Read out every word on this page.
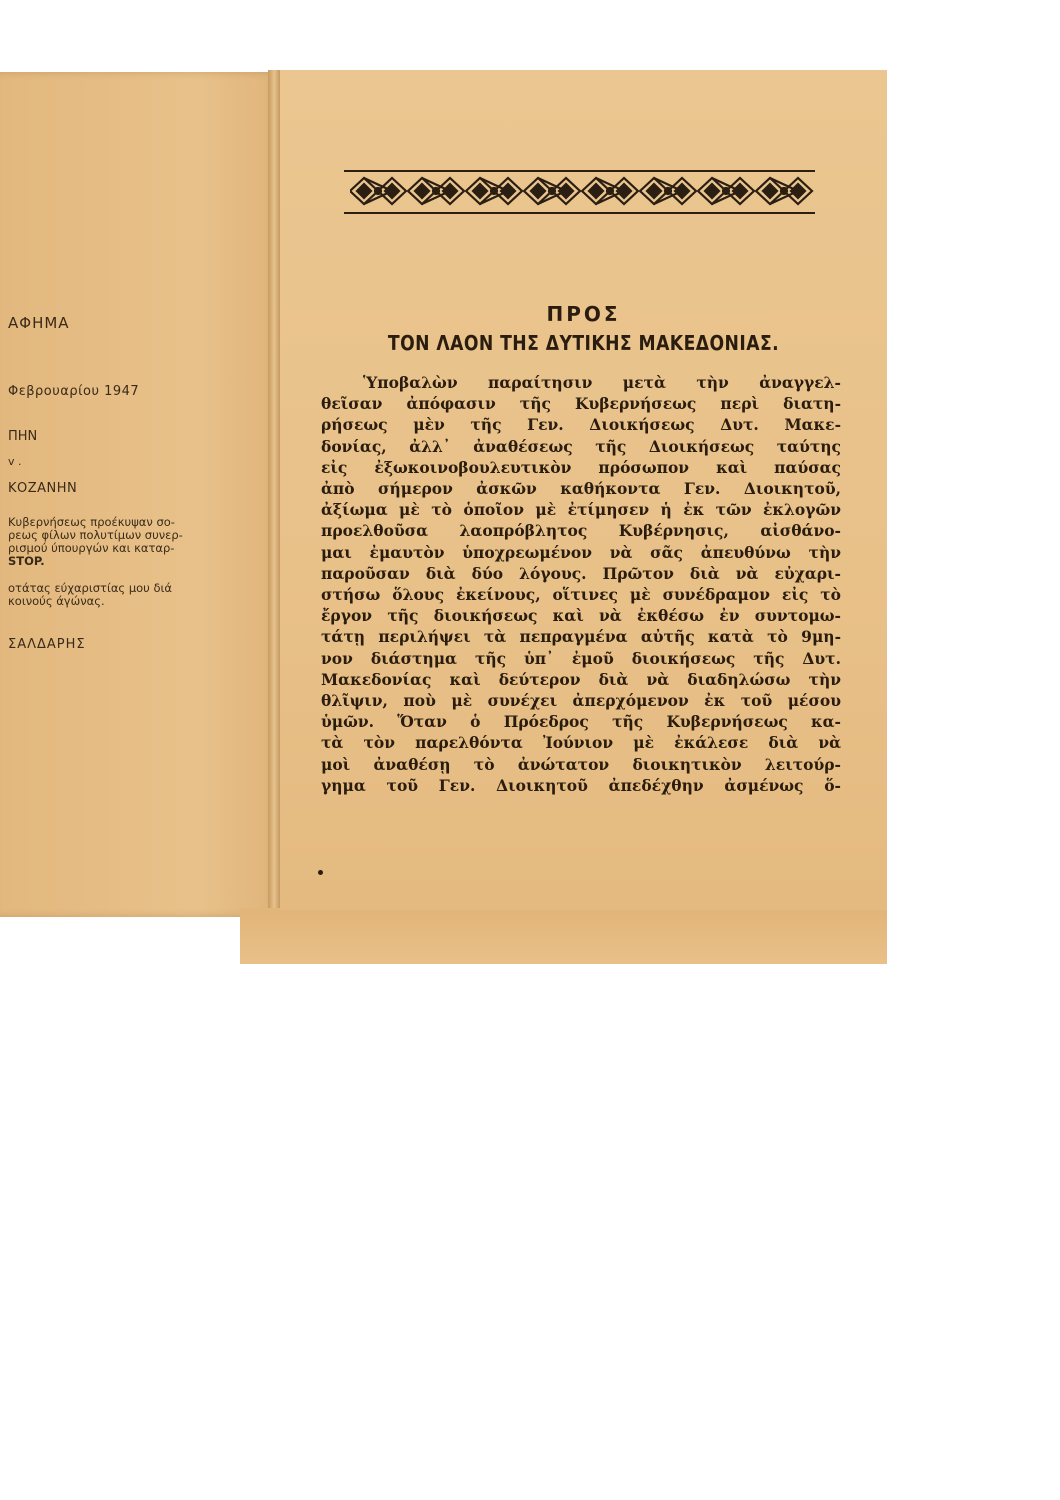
ΑΦΗΜΑ
Φεβρουαρίου 1947
ΠΗΝ
v .
ΚΟΖΑΝΗΝ
Κυβερνήσεως προέκυψαν σο-
ρεως φίλων πολυτίμων συνερ-
ρισμού ύπουργών και καταρ-
STOP.
οτάτας εύχαριστίας μου διά
κοινούς άγώνας.
ΣΑΛΔΑΡΗΣ
ΠΡΟΣ
ΤΟΝ ΛΑΟΝ ΤΗΣ ΔΥΤΙΚΗΣ ΜΑΚΕΔΟΝΙΑΣ.
Ὑποβαλὼν παραίτησιν μετὰ τὴν ἀναγγελ-
θεῖσαν ἀπόφασιν τῆς Κυβερνήσεως περὶ διατη-
ρήσεως μὲν τῆς Γεν. Διοικήσεως Δυτ. Μακε-
δονίας, ἀλλ᾽ ἀναθέσεως τῆς Διοικήσεως ταύτης
εἰς ἐξωκοινοβουλευτικὸν πρόσωπον καὶ παύσας
ἀπὸ σήμερον ἀσκῶν καθήκοντα Γεν. Διοικητοῦ,
ἀξίωμα μὲ τὸ ὁποῖον μὲ ἐτίμησεν ἡ ἐκ τῶν ἐκλογῶν
προελθοῦσα λαοπρόβλητος Κυβέρνησις, αἰσθάνο-
μαι ἐμαυτὸν ὑποχρεωμένον νὰ σᾶς ἀπευθύνω τὴν
παροῦσαν διὰ δύο λόγους. Πρῶτον διὰ νὰ εὐχαρι-
στήσω ὅλους ἐκείνους, οἵτινες μὲ συνέδραμον εἰς τὸ
ἔργον τῆς διοικήσεως καὶ νὰ ἐκθέσω ἐν συντομω-
τάτῃ περιλήψει τὰ πεπραγμένα αὐτῆς κατὰ τὸ 9μη-
νον διάστημα τῆς ὑπ᾽ ἐμοῦ διοικήσεως τῆς Δυτ.
Μακεδονίας καὶ δεύτερον διὰ νὰ διαδηλώσω τὴν
θλῖψιν, ποὺ μὲ συνέχει ἀπερχόμενον ἐκ τοῦ μέσου
ὑμῶν. Ὅταν ὁ Πρόεδρος τῆς Κυβερνήσεως κα-
τὰ τὸν παρελθόντα Ἰούνιον μὲ ἐκάλεσε διὰ νὰ
μοὶ ἀναθέσῃ τὸ ἀνώτατον διοικητικὸν λειτούρ-
γημα τοῦ Γεν. Διοικητοῦ ἀπεδέχθην ἀσμένως ὅ-
